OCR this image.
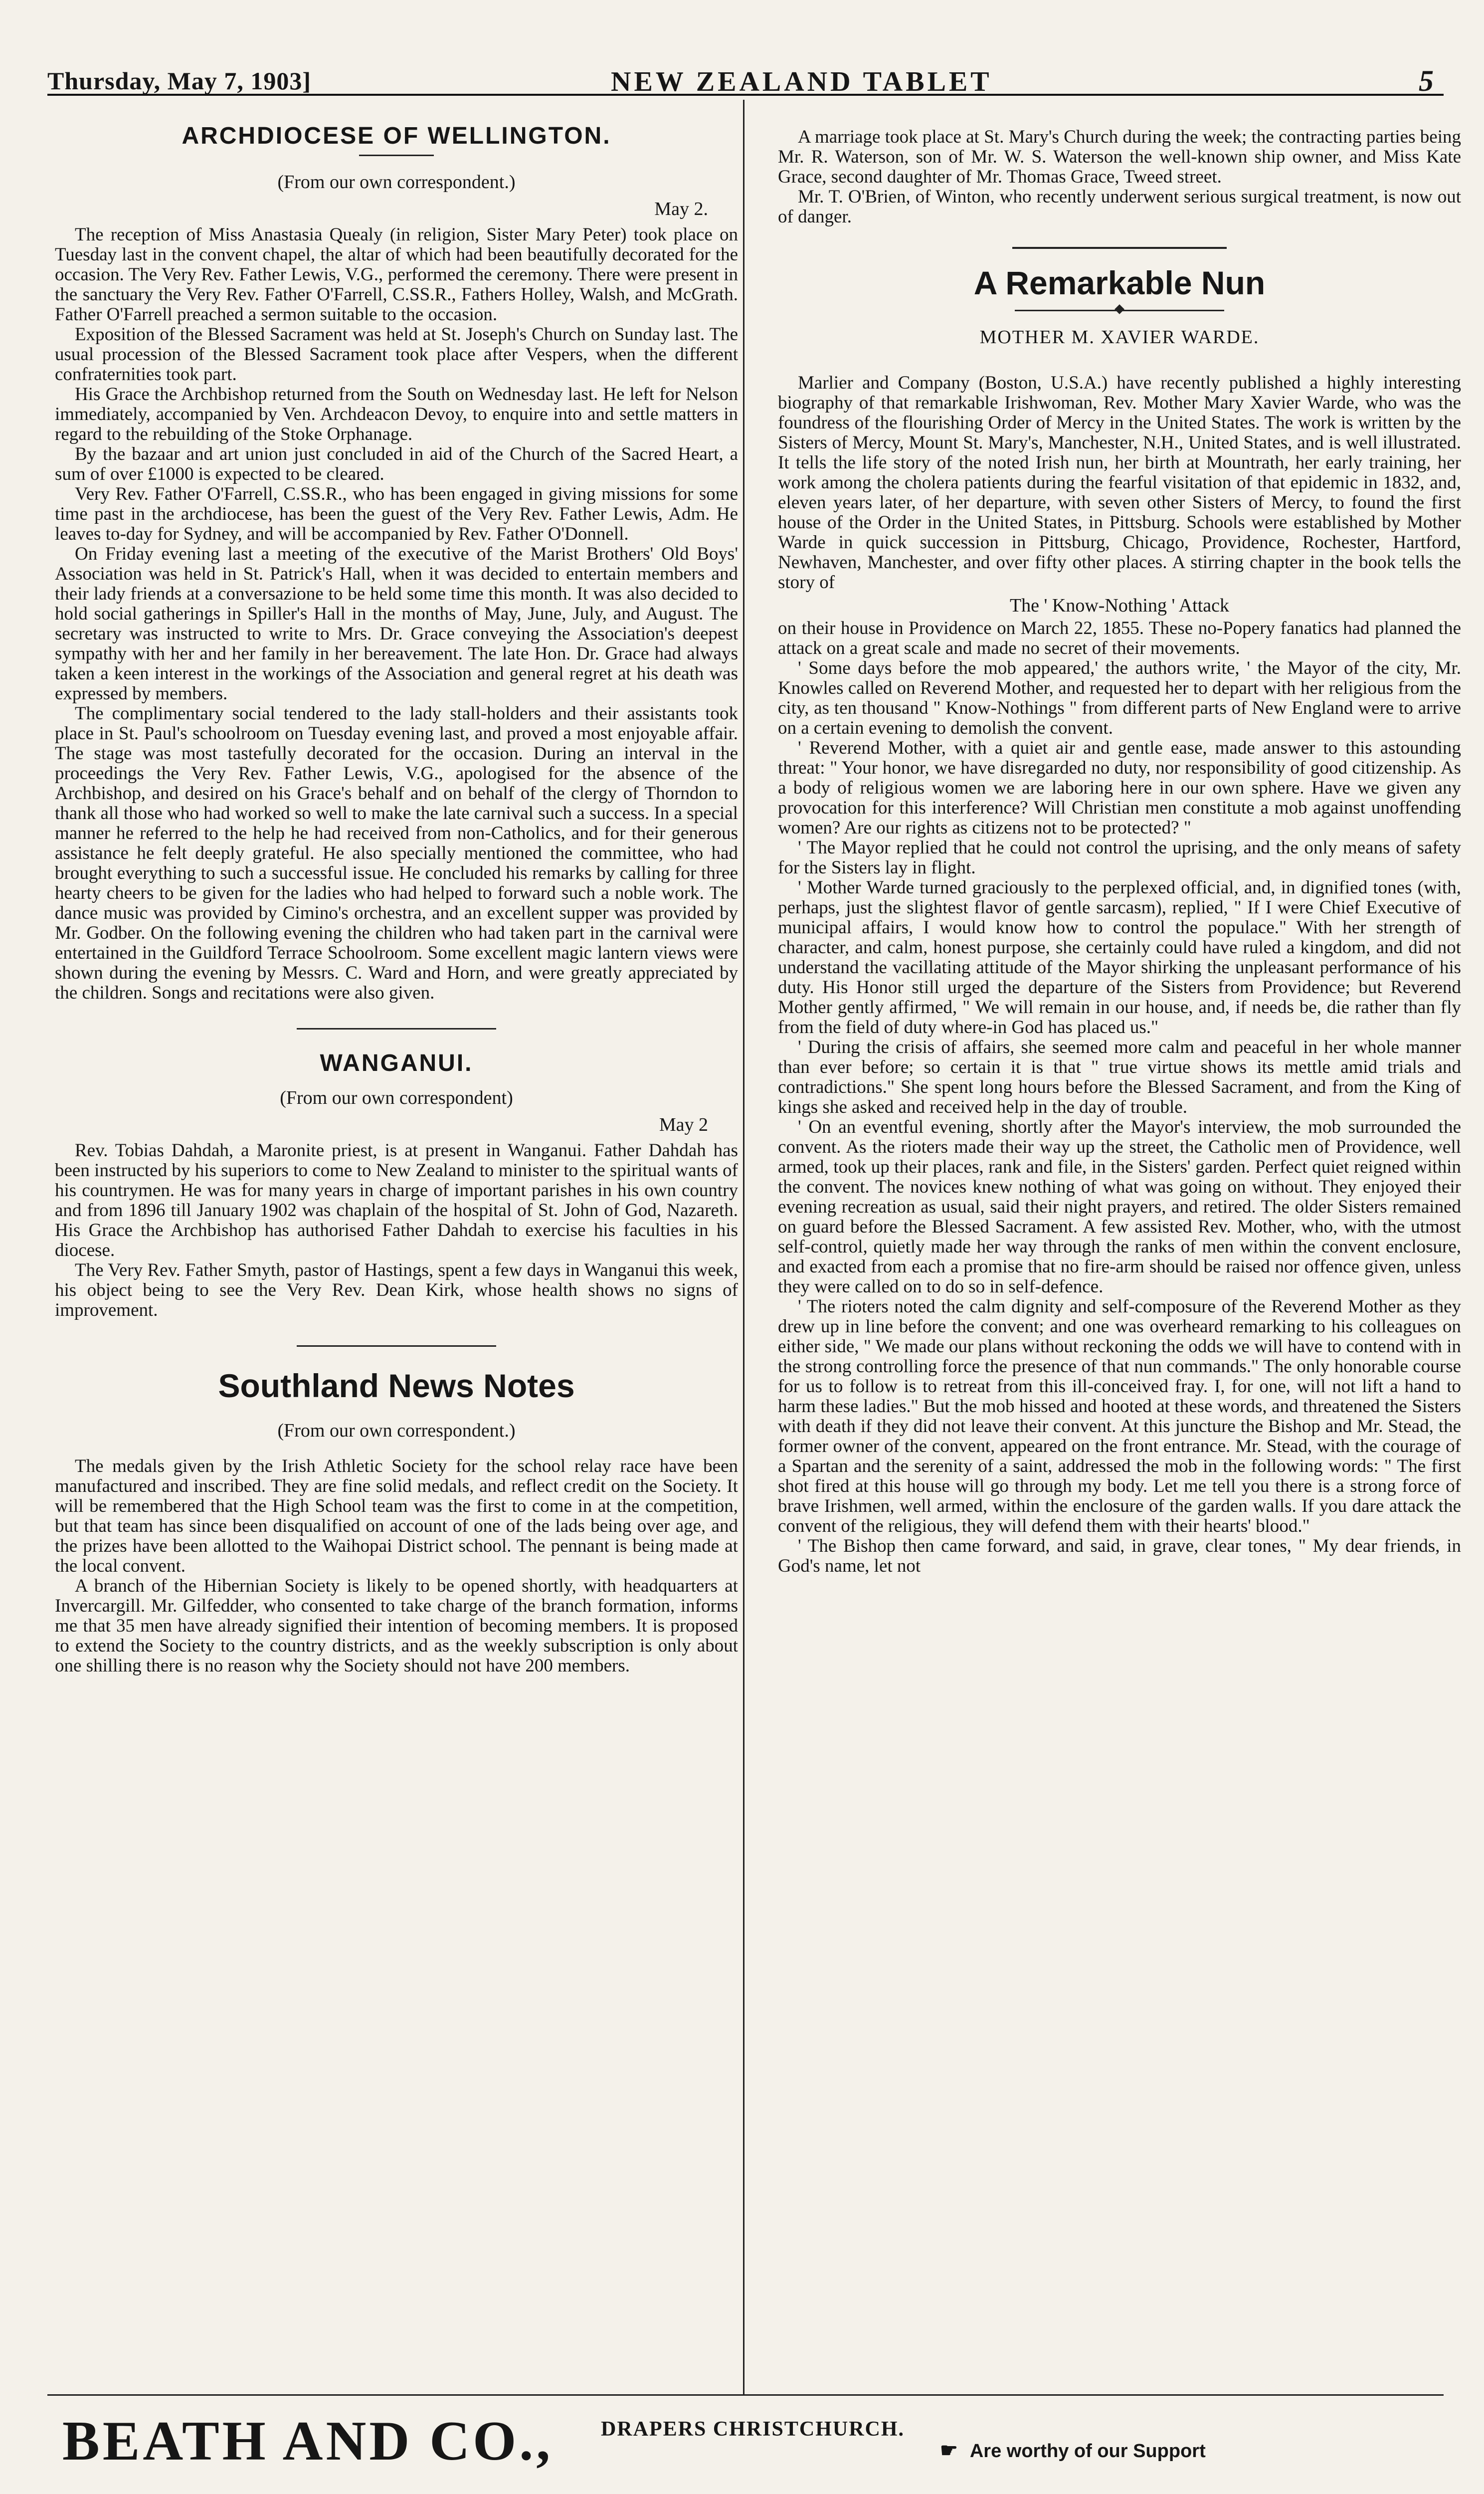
Thursday, May 7, 1903]	NEW ZEALAND TABLET	5
ARCHDIOCESE OF WELLINGTON.
(From our own correspondent.)
May 2.

The reception of Miss Anastasia Quealy (in religion, Sister Mary Peter) took place on Tuesday last in the convent chapel, the altar of which had been beautifully decorated for the occasion. The Very Rev. Father Lewis, V.G., performed the ceremony. There were present in the sanctuary the Very Rev. Father O'Farrell, C.SS.R., Fathers Holley, Walsh, and McGrath. Father O'Farrell preached a sermon suitable to the occasion.

Exposition of the Blessed Sacrament was held at St. Joseph's Church on Sunday last. The usual procession of the Blessed Sacrament took place after Vespers, when the different confraternities took part.

His Grace the Archbishop returned from the South on Wednesday last. He left for Nelson immediately, accompanied by Ven. Archdeacon Devoy, to enquire into and settle matters in regard to the rebuilding of the Stoke Orphanage.

By the bazaar and art union just concluded in aid of the Church of the Sacred Heart, a sum of over £1000 is expected to be cleared.

Very Rev. Father O'Farrell, C.SS.R., who has been engaged in giving missions for some time past in the archdiocese, has been the guest of the Very Rev. Father Lewis, Adm. He leaves to-day for Sydney, and will be accompanied by Rev. Father O'Donnell.

On Friday evening last a meeting of the executive of the Marist Brothers' Old Boys' Association was held in St. Patrick's Hall, when it was decided to entertain members and their lady friends at a conversazione to be held some time this month. It was also decided to hold social gatherings in Spiller's Hall in the months of May, June, July, and August. The secretary was instructed to write to Mrs. Dr. Grace conveying the Association's deepest sympathy with her and her family in her bereavement. The late Hon. Dr. Grace had always taken a keen interest in the workings of the Association and general regret at his death was expressed by members.

The complimentary social tendered to the lady stall-holders and their assistants took place in St. Paul's schoolroom on Tuesday evening last, and proved a most enjoyable affair. The stage was most tastefully decorated for the occasion. During an interval in the proceedings the Very Rev. Father Lewis, V.G., apologised for the absence of the Archbishop, and desired on his Grace's behalf and on behalf of the clergy of Thorndon to thank all those who had worked so well to make the late carnival such a success. In a special manner he referred to the help he had received from non-Catholics, and for their generous assistance he felt deeply grateful. He also specially mentioned the committee, who had brought everything to such a successful issue. He concluded his remarks by calling for three hearty cheers to be given for the ladies who had helped to forward such a noble work. The dance music was provided by Cimino's orchestra, and an excellent supper was provided by Mr. Godber. On the following evening the children who had taken part in the carnival were entertained in the Guildford Terrace Schoolroom. Some excellent magic lantern views were shown during the evening by Messrs. C. Ward and Horn, and were greatly appreciated by the children. Songs and recitations were also given.

WANGANUI.
(From our own correspondent)
May 2

Rev. Tobias Dahdah, a Maronite priest, is at present in Wanganui. Father Dahdah has been instructed by his superiors to come to New Zealand to minister to the spiritual wants of his countrymen. He was for many years in charge of important parishes in his own country and from 1896 till January 1902 was chaplain of the hospital of St. John of God, Nazareth. His Grace the Archbishop has authorised Father Dahdah to exercise his faculties in his diocese.

The Very Rev. Father Smyth, pastor of Hastings, spent a few days in Wanganui this week, his object being to see the Very Rev. Dean Kirk, whose health shows no signs of improvement.

Southland News Notes
(From our own correspondent.)

The medals given by the Irish Athletic Society for the school relay race have been manufactured and inscribed. They are fine solid medals, and reflect credit on the Society. It will be remembered that the High School team was the first to come in at the competition, but that team has since been disqualified on account of one of the lads being over age, and the prizes have been allotted to the Waihopai District school. The pennant is being made at the local convent.

A branch of the Hibernian Society is likely to be opened shortly, with headquarters at Invercargill. Mr. Gilfedder, who consented to take charge of the branch formation, informs me that 35 men have already signified their intention of becoming members. It is proposed to extend the Society to the country districts, and as the weekly subscription is only about one shilling there is no reason why the Society should not have 200 members.

A marriage took place at St. Mary's Church during the week; the contracting parties being Mr. R. Waterson, son of Mr. W. S. Waterson the well-known ship owner, and Miss Kate Grace, second daughter of Mr. Thomas Grace, Tweed street.

Mr. T. O'Brien, of Winton, who recently underwent serious surgical treatment, is now out of danger.

A Remarkable Nun
MOTHER M. XAVIER WARDE.

Marlier and Company (Boston, U.S.A.) have recently published a highly interesting biography of that remarkable Irishwoman, Rev. Mother Mary Xavier Warde, who was the foundress of the flourishing Order of Mercy in the United States. The work is written by the Sisters of Mercy, Mount St. Mary's, Manchester, N.H., United States, and is well illustrated. It tells the life story of the noted Irish nun, her birth at Mountrath, her early training, her work among the cholera patients during the fearful visitation of that epidemic in 1832, and, eleven years later, of her departure, with seven other Sisters of Mercy, to found the first house of the Order in the United States, in Pittsburg. Schools were established by Mother Warde in quick succession in Pittsburg, Chicago, Providence, Rochester, Hartford, Newhaven, Manchester, and over fifty other places. A stirring chapter in the book tells the story of

The ' Know-Nothing ' Attack

on their house in Providence on March 22, 1855. These no-Popery fanatics had planned the attack on a great scale and made no secret of their movements.

' Some days before the mob appeared,' the authors write, ' the Mayor of the city, Mr. Knowles called on Reverend Mother, and requested her to depart with her religious from the city, as ten thousand " Know-Nothings " from different parts of New England were to arrive on a certain evening to demolish the convent.

' Reverend Mother, with a quiet air and gentle ease, made answer to this astounding threat: " Your honor, we have disregarded no duty, nor responsibility of good citizenship. As a body of religious women we are laboring here in our own sphere. Have we given any provocation for this interference? Will Christian men constitute a mob against unoffending women? Are our rights as citizens not to be protected? "

' The Mayor replied that he could not control the uprising, and the only means of safety for the Sisters lay in flight.

' Mother Warde turned graciously to the perplexed official, and, in dignified tones (with, perhaps, just the slightest flavor of gentle sarcasm), replied, " If I were Chief Executive of municipal affairs, I would know how to control the populace." With her strength of character, and calm, honest purpose, she certainly could have ruled a kingdom, and did not understand the vacillating attitude of the Mayor shirking the unpleasant performance of his duty. His Honor still urged the departure of the Sisters from Providence; but Reverend Mother gently affirmed, " We will remain in our house, and, if needs be, die rather than fly from the field of duty where-in God has placed us."

' During the crisis of affairs, she seemed more calm and peaceful in her whole manner than ever before; so certain it is that " true virtue shows its mettle amid trials and contradictions." She spent long hours before the Blessed Sacrament, and from the King of kings she asked and received help in the day of trouble.

' On an eventful evening, shortly after the Mayor's interview, the mob surrounded the convent. As the rioters made their way up the street, the Catholic men of Providence, well armed, took up their places, rank and file, in the Sisters' garden. Perfect quiet reigned within the convent. The novices knew nothing of what was going on without. They enjoyed their evening recreation as usual, said their night prayers, and retired. The older Sisters remained on guard before the Blessed Sacrament. A few assisted Rev. Mother, who, with the utmost self-control, quietly made her way through the ranks of men within the convent enclosure, and exacted from each a promise that no fire-arm should be raised nor offence given, unless they were called on to do so in self-defence.

' The rioters noted the calm dignity and self-composure of the Reverend Mother as they drew up in line before the convent; and one was overheard remarking to his colleagues on either side, " We made our plans without reckoning the odds we will have to contend with in the strong controlling force the presence of that nun commands." The only honorable course for us to follow is to retreat from this ill-conceived fray. I, for one, will not lift a hand to harm these ladies." But the mob hissed and hooted at these words, and threatened the Sisters with death if they did not leave their convent. At this juncture the Bishop and Mr. Stead, the former owner of the convent, appeared on the front entrance. Mr. Stead, with the courage of a Spartan and the serenity of a saint, addressed the mob in the following words: " The first shot fired at this house will go through my body. Let me tell you there is a strong force of brave Irishmen, well armed, within the enclosure of the garden walls. If you dare attack the convent of the religious, they will defend them with their hearts' blood."

' The Bishop then came forward, and said, in grave, clear tones, " My dear friends, in God's name, let not

BEATH AND CO., DRAPERS CHRISTCHURCH.
☛ Are worthy of our Support
